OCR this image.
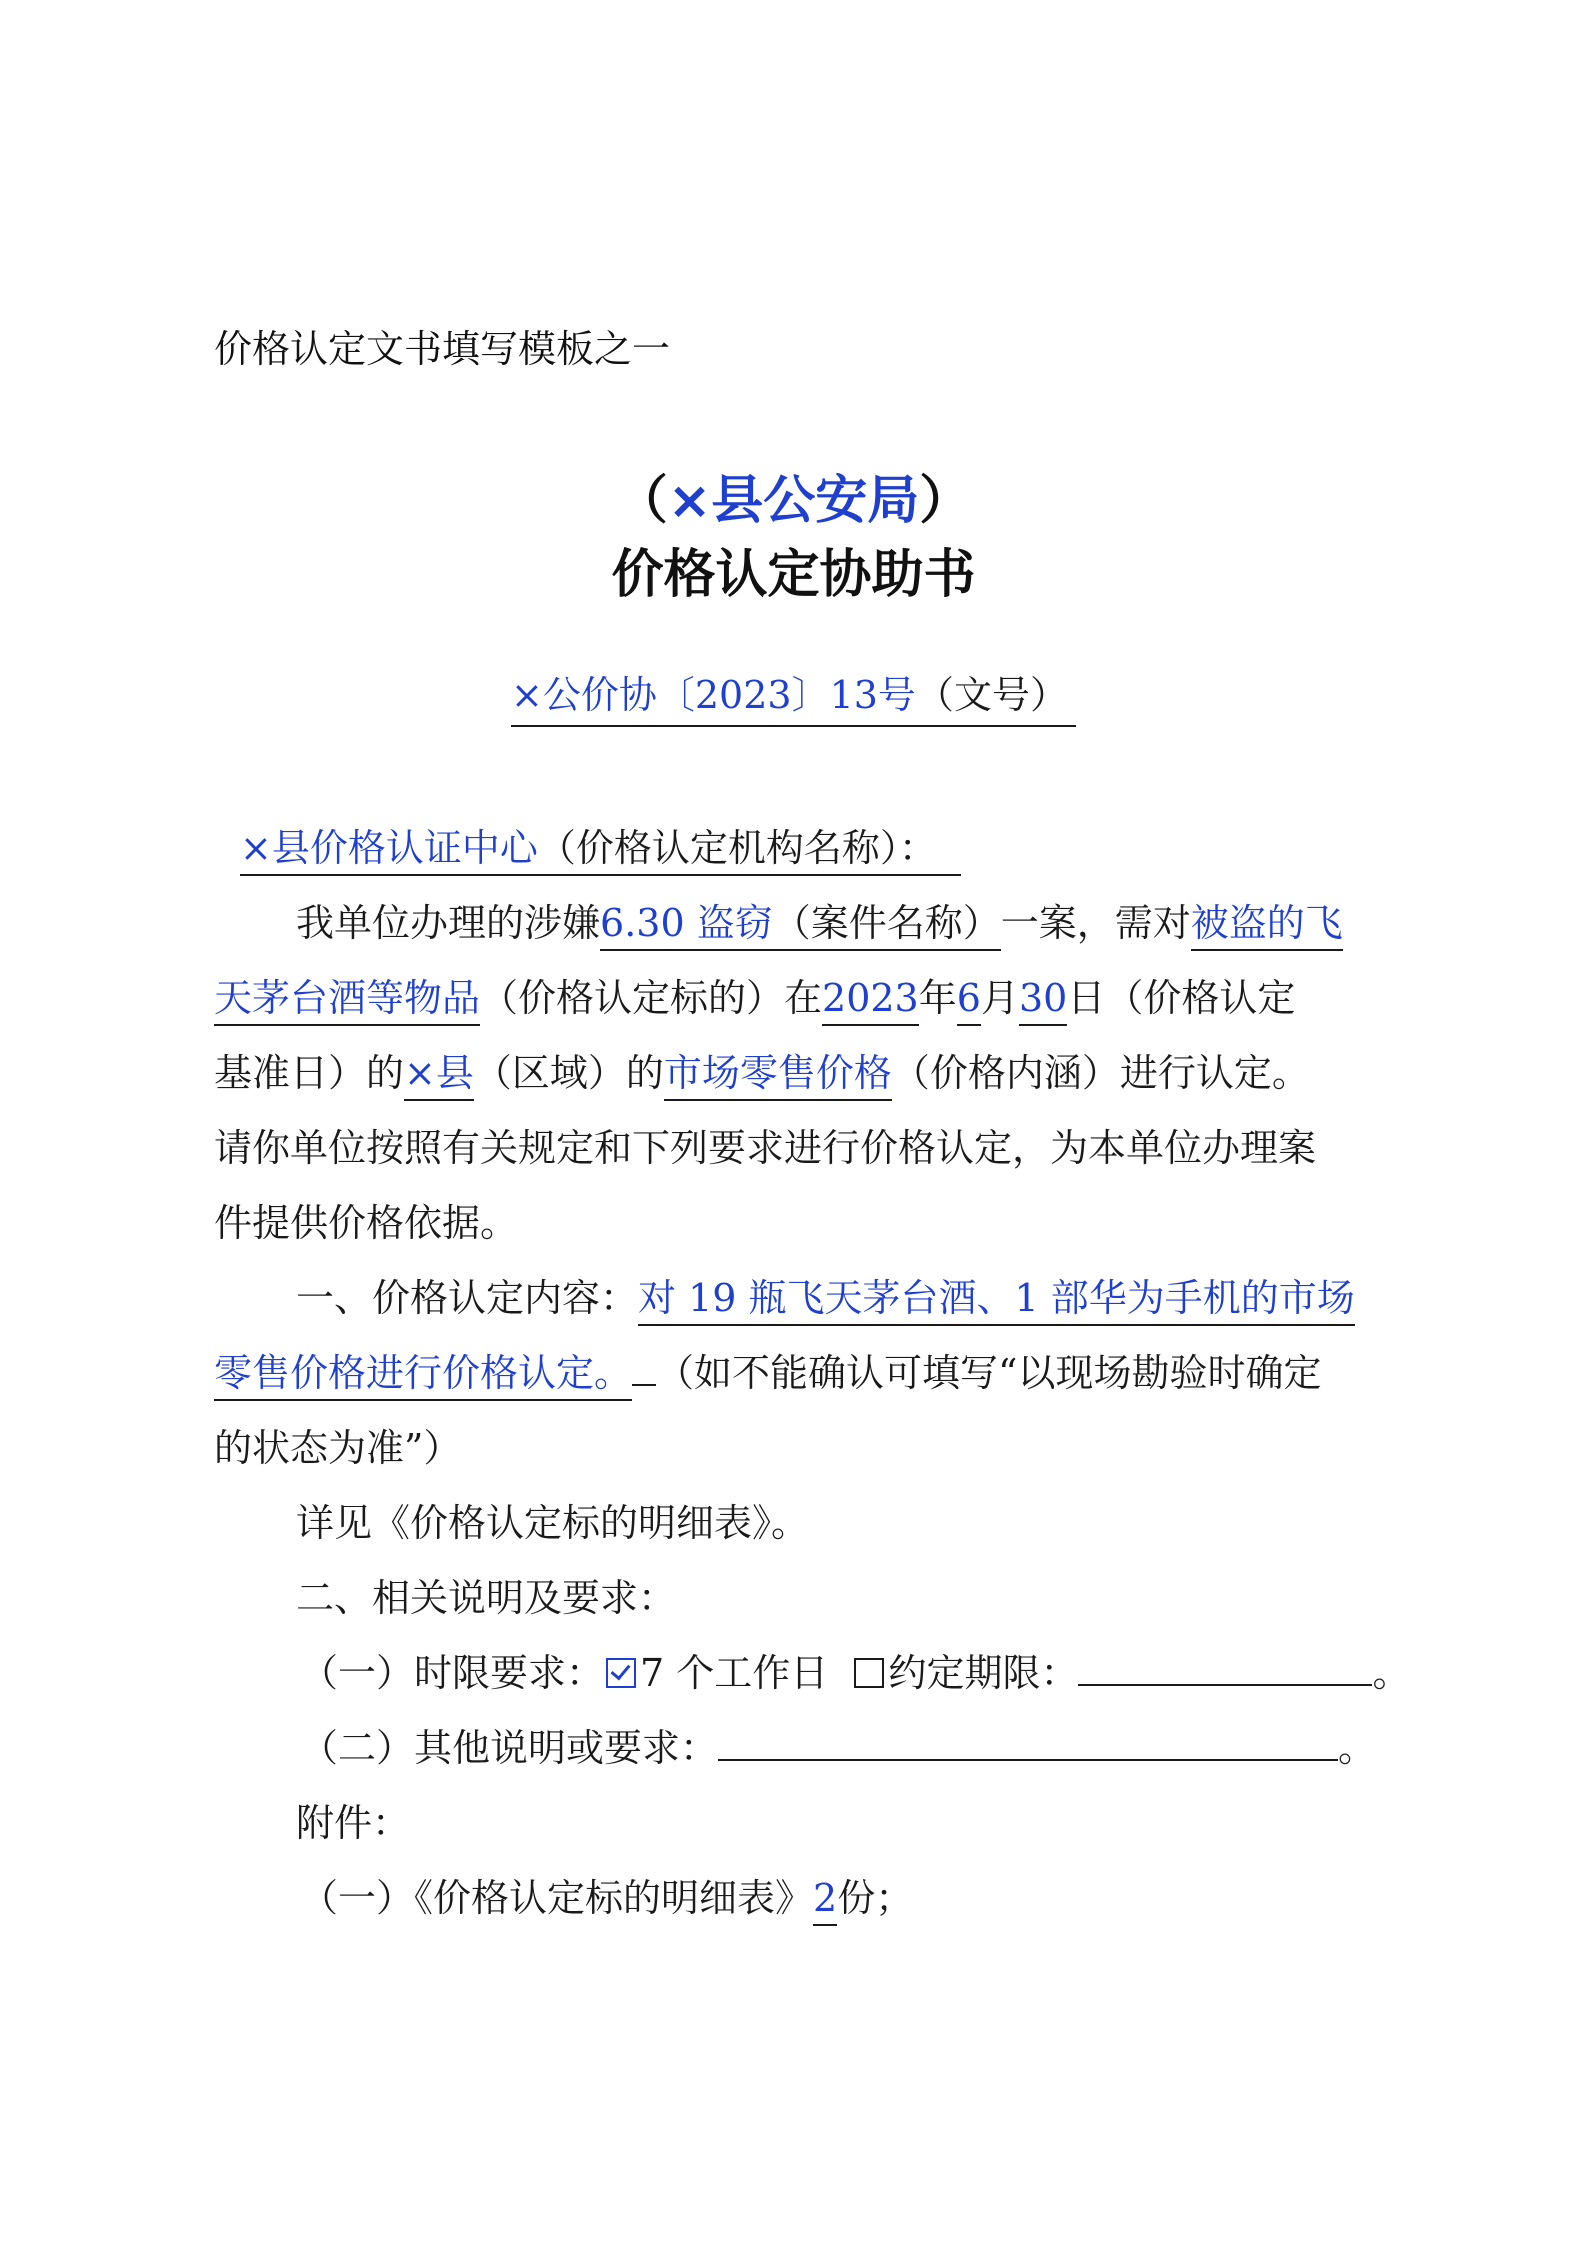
价格认定文书填写模板之一
（×县公安局）
价格认定协助书
×公价协〔2023〕13号（文号）
×县价格认证中心（价格认定机构名称）：
我单位办理的涉嫌6.30 盗窃（案件名称）一案，需对被盗的飞
天茅台酒等物品（价格认定标的）在2023年6月30日（价格认定
基准日）的×县（区域）的市场零售价格（价格内涵）进行认定。
请你单位按照有关规定和下列要求进行价格认定，为本单位办理案
件提供价格依据。
一、价格认定内容：对 19 瓶飞天茅台酒、1 部华为手机的市场
零售价格进行价格认定。 （如不能确认可填写“以现场勘验时确定
的状态为准”）
详见《价格认定标的明细表》。
二、相关说明及要求：
（一）时限要求： 7 个工作日 约定期限：	。
（二）其他说明或要求：	。
附件：
（一）《价格认定标的明细表》2份；
